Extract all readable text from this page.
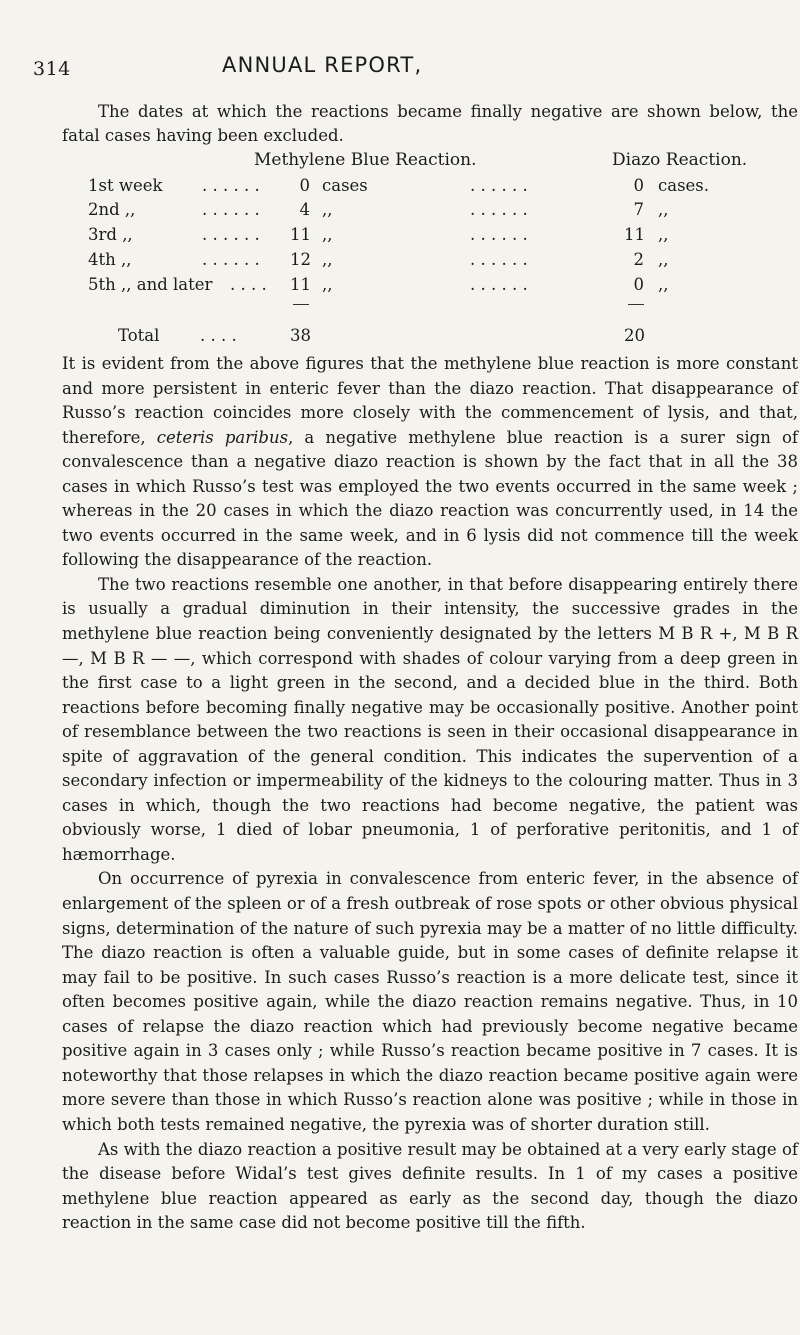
314	ANNUAL REPORT,

The dates at which the reactions became finally negative are shown below, the fatal cases having been excluded.

Methylene Blue Reaction.	Diazo Reaction.
1st week . . . . . .	0 cases	. . . . . .	0 cases.
2nd ,,	. . . . . .	4 ,,	. . . . . .	7 ,,
3rd ,,	. . . . . . 11 ,,	. . . . . .	11 ,,
4th ,,	. . . . . . 12 ,,	. . . . . .	2 ,,
5th ,, and later . . . . 11 ,,	. . . . . .	0 ,,
Total . . . .	38	20

It is evident from the above figures that the methylene blue reaction is more constant and more persistent in enteric fever than the diazo reaction. That disappearance of Russo’s reaction coincides more closely with the commencement of lysis, and that, therefore, ceteris paribus, a negative methylene blue reaction is a surer sign of convalescence than a negative diazo reaction is shown by the fact that in all the 38 cases in which Russo’s test was employed the two events occurred in the same week ; whereas in the 20 cases in which the diazo reaction was concurrently used, in 14 the two events occurred in the same week, and in 6 lysis did not commence till the week following the disappearance of the reaction.

The two reactions resemble one another, in that before disappearing entirely there is usually a gradual diminution in their intensity, the successive grades in the methylene blue reaction being conveniently designated by the letters M B R +, M B R —, M B R — —, which correspond with shades of colour varying from a deep green in the first case to a light green in the second, and a decided blue in the third. Both reactions before becoming finally negative may be occasionally positive. Another point of resemblance between the two reactions is seen in their occasional disappearance in spite of aggravation of the general condition. This indicates the supervention of a secondary infection or impermeability of the kidneys to the colouring matter. Thus in 3 cases in which, though the two reactions had become negative, the patient was obviously worse, 1 died of lobar pneumonia, 1 of perforative peritonitis, and 1 of hæmorrhage.

On occurrence of pyrexia in convalescence from enteric fever, in the absence of enlargement of the spleen or of a fresh outbreak of rose spots or other obvious physical signs, determination of the nature of such pyrexia may be a matter of no little difficulty. The diazo reaction is often a valuable guide, but in some cases of definite relapse it may fail to be positive. In such cases Russo’s reaction is a more delicate test, since it often becomes positive again, while the diazo reaction remains negative. Thus, in 10 cases of relapse the diazo reaction which had previously become negative became positive again in 3 cases only ; while Russo’s reaction became positive in 7 cases. It is noteworthy that those relapses in which the diazo reaction became positive again were more severe than those in which Russo’s reaction alone was positive ; while in those in which both tests remained negative, the pyrexia was of shorter duration still.

As with the diazo reaction a positive result may be obtained at a very early stage of the disease before Widal’s test gives definite results. In 1 of my cases a positive methylene blue reaction appeared as early as the second day, though the diazo reaction in the same case did not become positive till the fifth.
